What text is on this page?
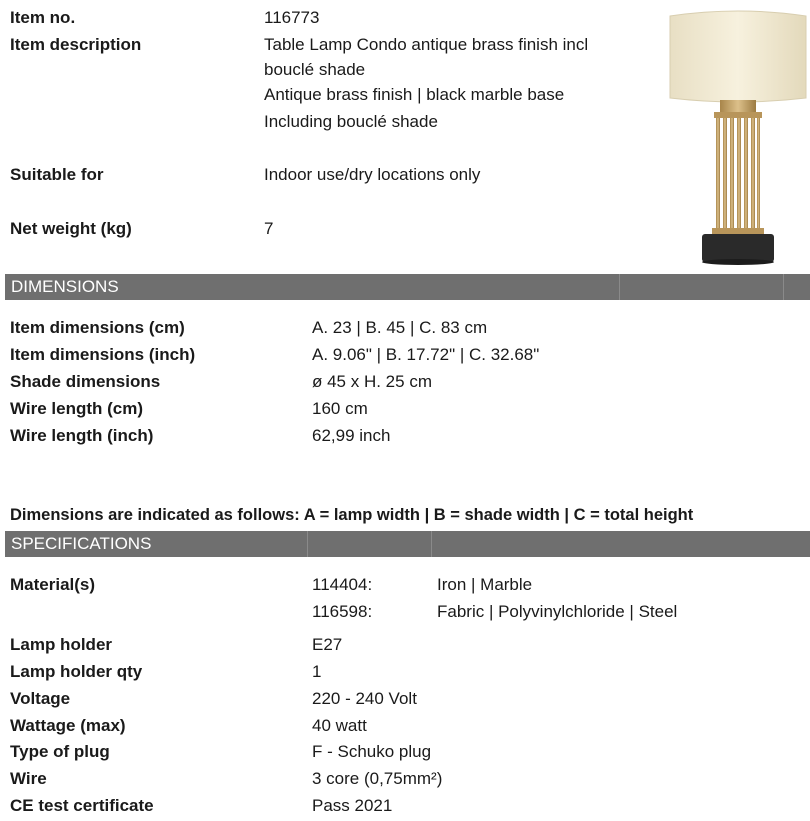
Item no.	116773
Item description	Table Lamp Condo antique brass finish incl
bouclé shade
Antique brass finish | black marble base
Including bouclé shade
Suitable for	Indoor use/dry locations only
Net weight (kg)	7
DIMENSIONS
Item dimensions (cm)	A. 23 | B. 45 | C. 83 cm
Item dimensions (inch)	A. 9.06" | B. 17.72" | C. 32.68"
Shade dimensions	ø 45 x H. 25 cm
Wire length (cm)	160 cm
Wire length (inch)	62,99 inch
Dimensions are indicated as follows: A = lamp width | B = shade width | C = total height
SPECIFICATIONS
Material(s)	114404:	Iron | Marble
116598:	Fabric | Polyvinylchloride | Steel
Lamp holder	E27
Lamp holder qty	1
Voltage	220 - 240 Volt
Wattage (max)	40 watt
Type of plug	F - Schuko plug
Wire	3 core (0,75mm²)
CE test certificate	Pass 2021
